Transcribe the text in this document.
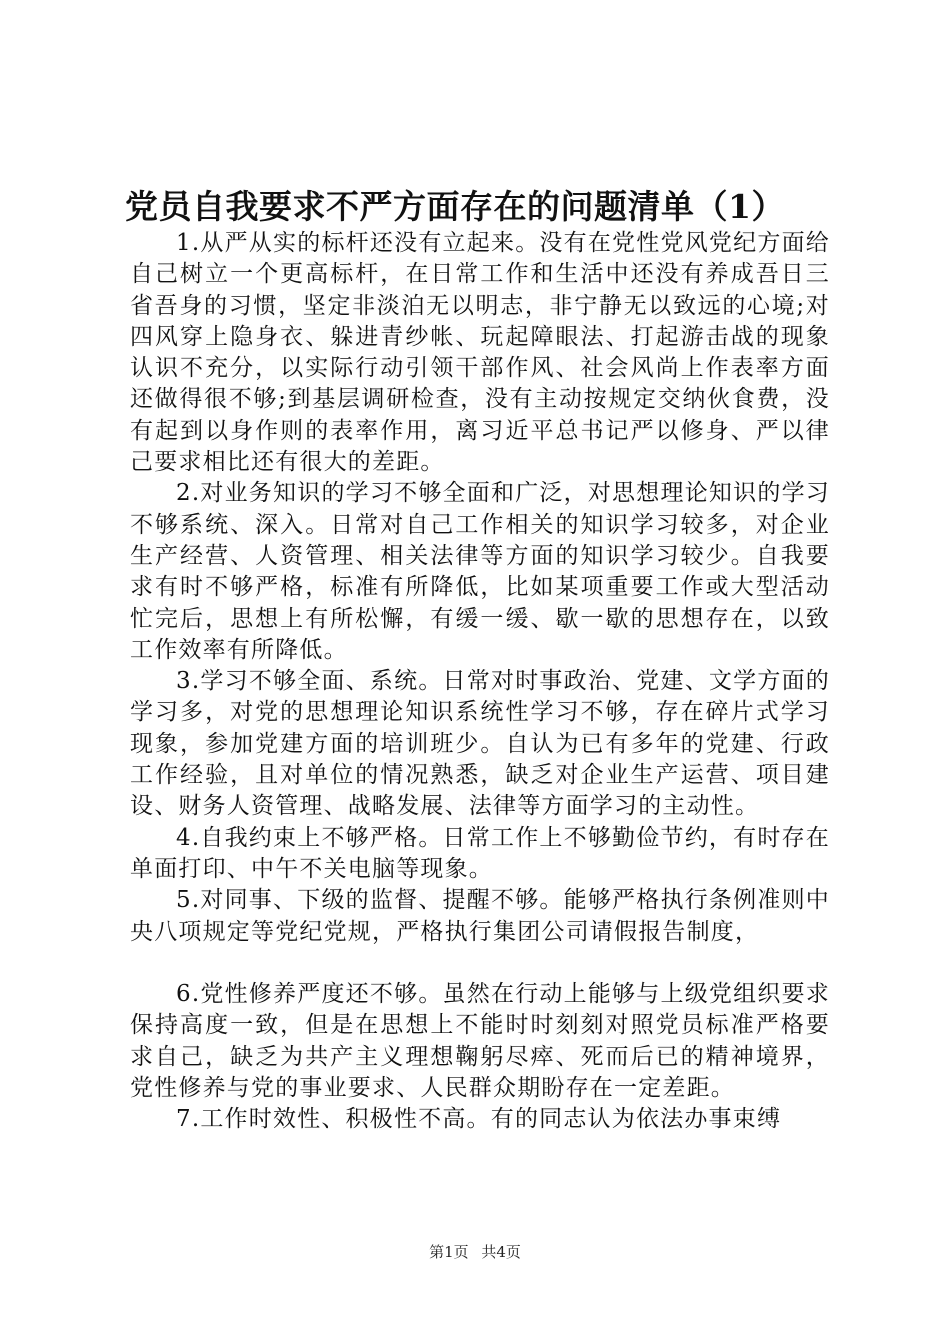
党员自我要求不严方面存在的问题清单（1）

1.从严从实的标杆还没有立起来。没有在党性党风党纪方面给自己树立一个更高标杆，在日常工作和生活中还没有养成吾日三省吾身的习惯，坚定非淡泊无以明志，非宁静无以致远的心境;对四风穿上隐身衣、躲进青纱帐、玩起障眼法、打起游击战的现象认识不充分，以实际行动引领干部作风、社会风尚上作表率方面还做得很不够;到基层调研检查，没有主动按规定交纳伙食费，没有起到以身作则的表率作用，离习近平总书记严以修身、严以律己要求相比还有很大的差距。

2.对业务知识的学习不够全面和广泛，对思想理论知识的学习不够系统、深入。日常对自己工作相关的知识学习较多，对企业生产经营、人资管理、相关法律等方面的知识学习较少。自我要求有时不够严格，标准有所降低，比如某项重要工作或大型活动忙完后，思想上有所松懈，有缓一缓、歇一歇的思想存在，以致工作效率有所降低。

3.学习不够全面、系统。日常对时事政治、党建、文学方面的学习多，对党的思想理论知识系统性学习不够，存在碎片式学习现象，参加党建方面的培训班少。自认为已有多年的党建、行政工作经验，且对单位的情况熟悉，缺乏对企业生产运营、项目建设、财务人资管理、战略发展、法律等方面学习的主动性。

4.自我约束上不够严格。日常工作上不够勤俭节约，有时存在单面打印、中午不关电脑等现象。

5.对同事、下级的监督、提醒不够。能够严格执行条例准则中央八项规定等党纪党规，严格执行集团公司请假报告制度，

6.党性修养严度还不够。虽然在行动上能够与上级党组织要求保持高度一致，但是在思想上不能时时刻刻对照党员标准严格要求自己，缺乏为共产主义理想鞠躬尽瘁、死而后已的精神境界，党性修养与党的事业要求、人民群众期盼存在一定差距。

7.工作时效性、积极性不高。有的同志认为依法办事束缚

第1页 共4页
